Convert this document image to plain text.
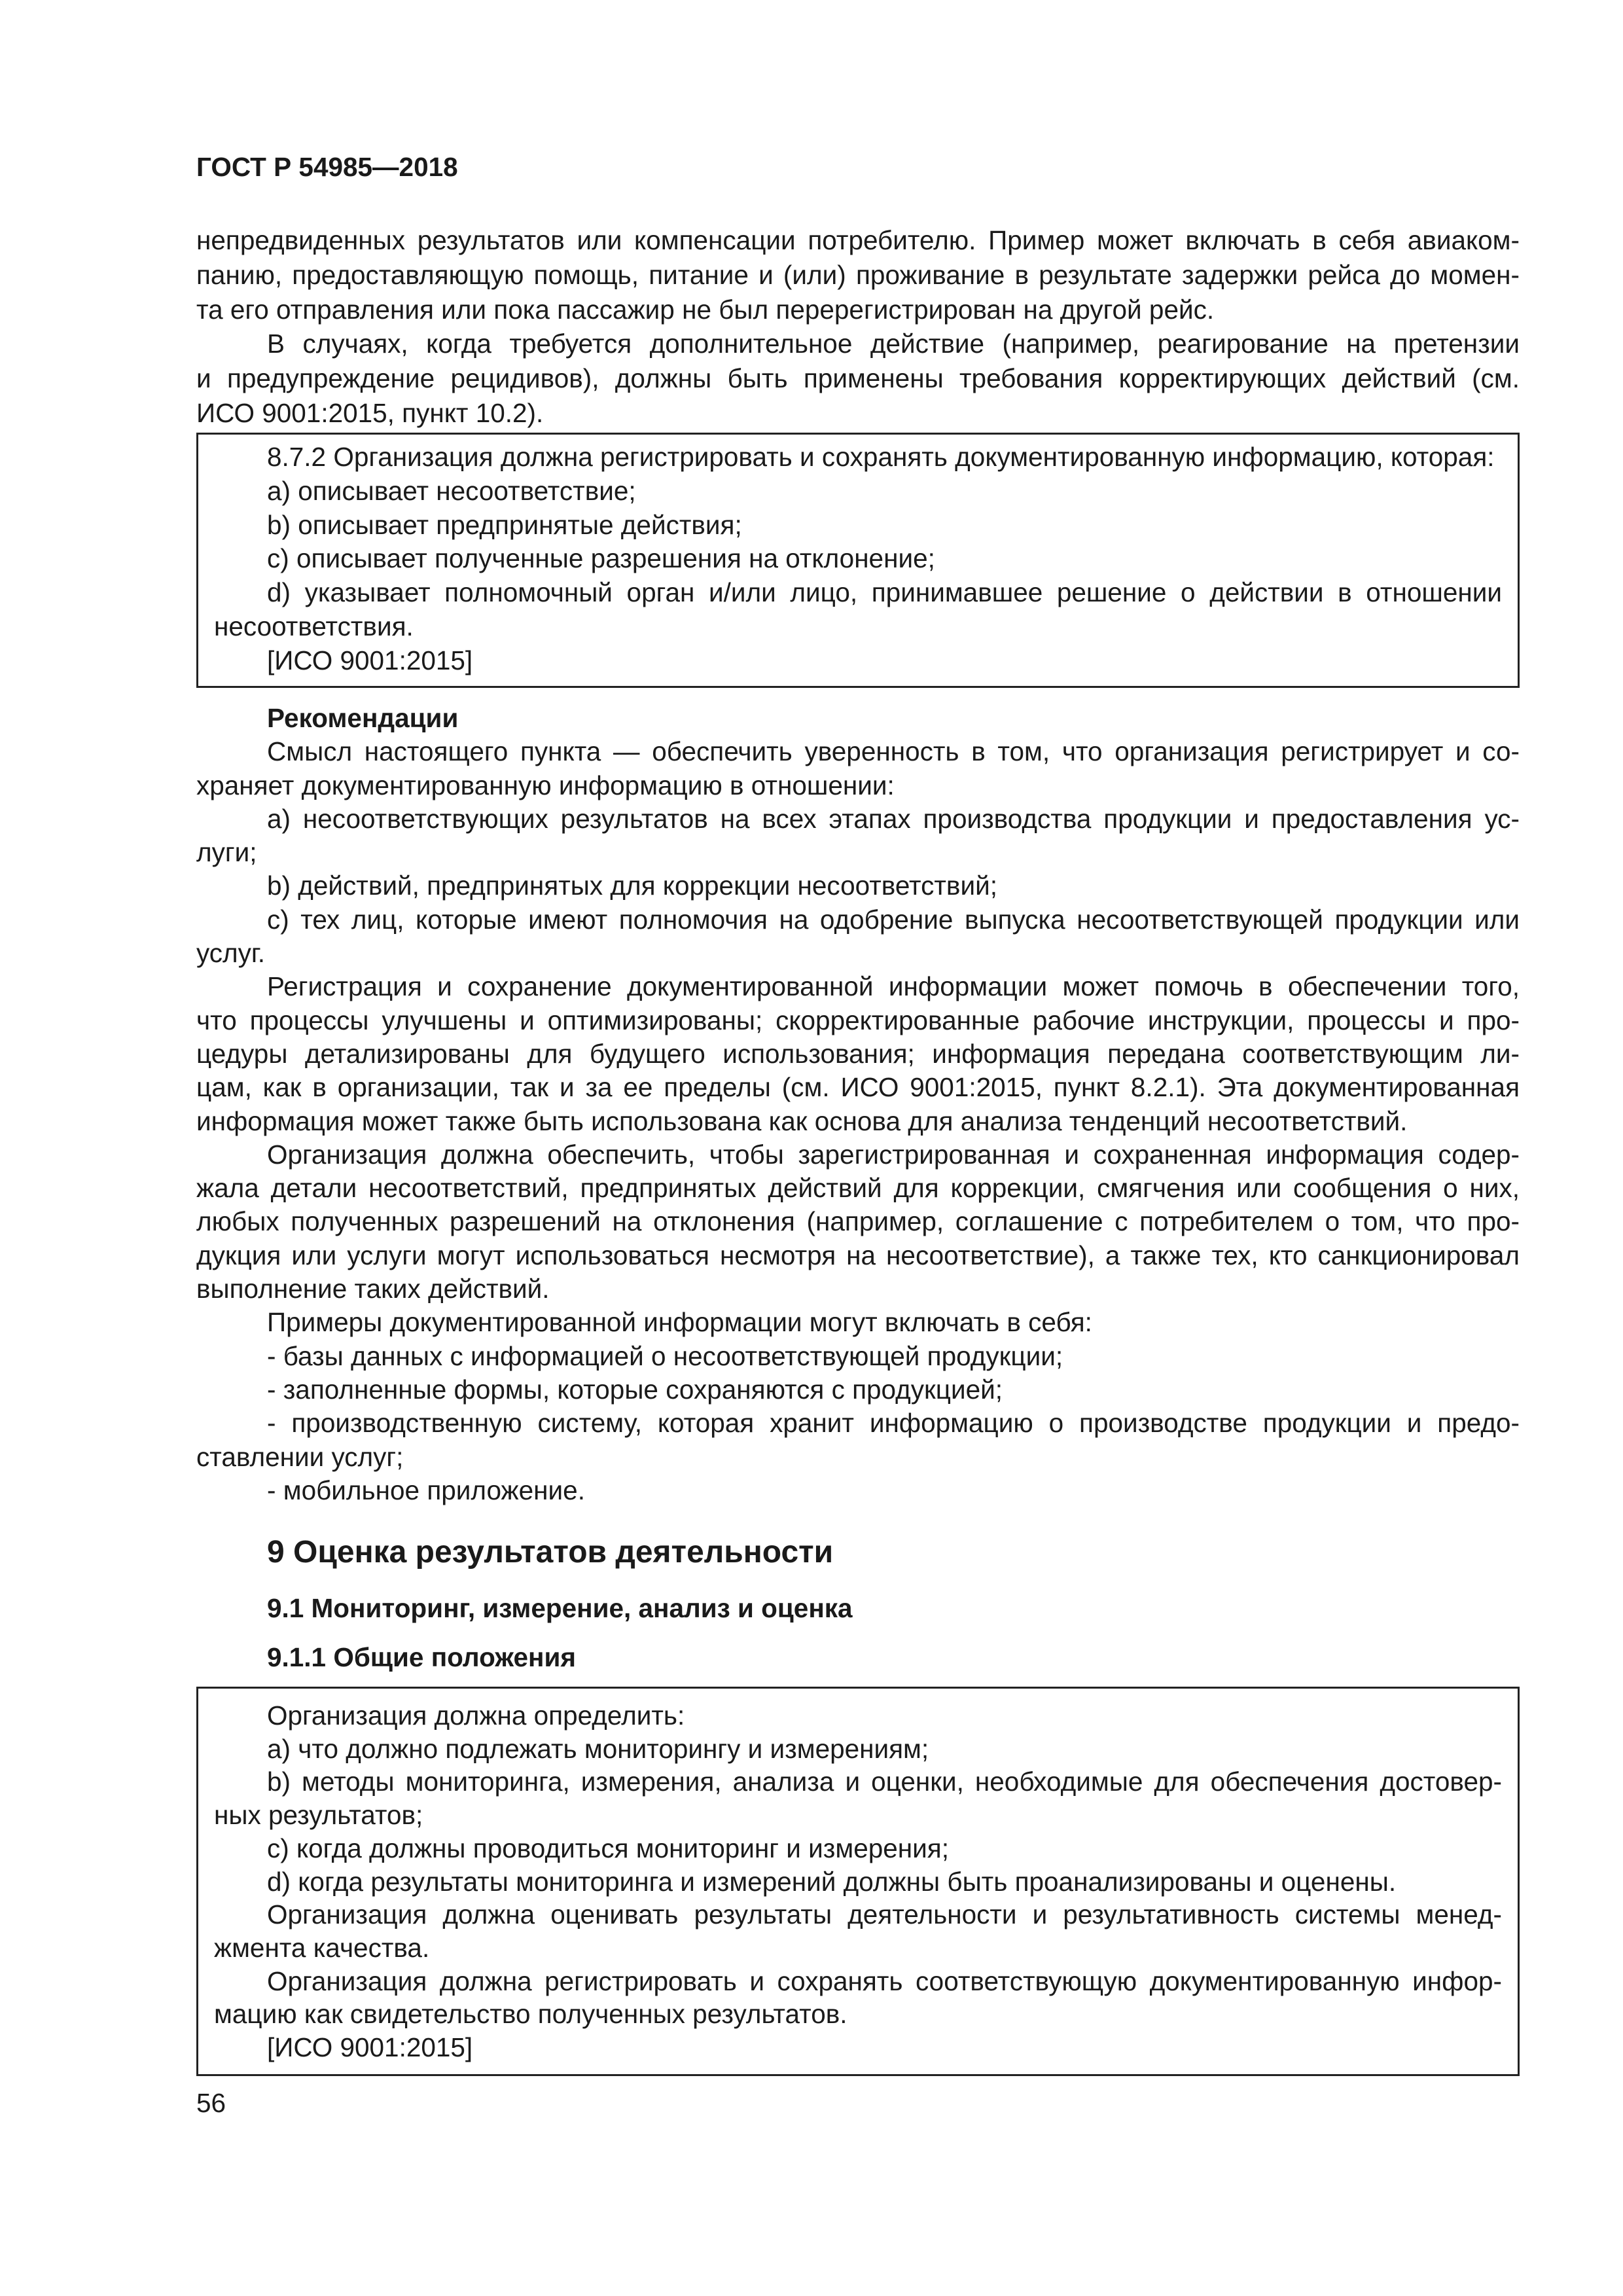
ГОСТ Р 54985—2018
непредвиденных результатов или компенсации потребителю. Пример может включать в себя авиаком-
панию, предоставляющую помощь, питание и (или) проживание в результате задержки рейса до момен-
та его отправления или пока пассажир не был перерегистрирован на другой рейс.
В случаях, когда требуется дополнительное действие (например, реагирование на претензии
и предупреждение рецидивов), должны быть применены требования корректирующих действий (см.
ИСО 9001:2015, пункт 10.2).
8.7.2 Организация должна регистрировать и сохранять документированную информацию, которая:
a) описывает несоответствие;
b) описывает предпринятые действия;
c) описывает полученные разрешения на отклонение;
d) указывает полномочный орган и/или лицо, принимавшее решение о действии в отношении
несоответствия.
[ИСО 9001:2015]
Рекомендации
Смысл настоящего пункта — обеспечить уверенность в том, что организация регистрирует и со-
храняет документированную информацию в отношении:
a) несоответствующих результатов на всех этапах производства продукции и предоставления ус-
луги;
b) действий, предпринятых для коррекции несоответствий;
c) тех лиц, которые имеют полномочия на одобрение выпуска несоответствующей продукции или
услуг.
Регистрация и сохранение документированной информации может помочь в обеспечении того,
что процессы улучшены и оптимизированы; скорректированные рабочие инструкции, процессы и про-
цедуры детализированы для будущего использования; информация передана соответствующим ли-
цам, как в организации, так и за ее пределы (см. ИСО 9001:2015, пункт 8.2.1). Эта документированная
информация может также быть использована как основа для анализа тенденций несоответствий.
Организация должна обеспечить, чтобы зарегистрированная и сохраненная информация содер-
жала детали несоответствий, предпринятых действий для коррекции, смягчения или сообщения о них,
любых полученных разрешений на отклонения (например, соглашение с потребителем о том, что про-
дукция или услуги могут использоваться несмотря на несоответствие), а также тех, кто санкционировал
выполнение таких действий.
Примеры документированной информации могут включать в себя:
- базы данных с информацией о несоответствующей продукции;
- заполненные формы, которые сохраняются с продукцией;
- производственную систему, которая хранит информацию о производстве продукции и предо-
ставлении услуг;
- мобильное приложение.
9 Оценка результатов деятельности
9.1 Мониторинг, измерение, анализ и оценка
9.1.1 Общие положения
Организация должна определить:
a) что должно подлежать мониторингу и измерениям;
b) методы мониторинга, измерения, анализа и оценки, необходимые для обеспечения достовер-
ных результатов;
c) когда должны проводиться мониторинг и измерения;
d) когда результаты мониторинга и измерений должны быть проанализированы и оценены.
Организация должна оценивать результаты деятельности и результативность системы менед-
жмента качества.
Организация должна регистрировать и сохранять соответствующую документированную инфор-
мацию как свидетельство полученных результатов.
[ИСО 9001:2015]
56
